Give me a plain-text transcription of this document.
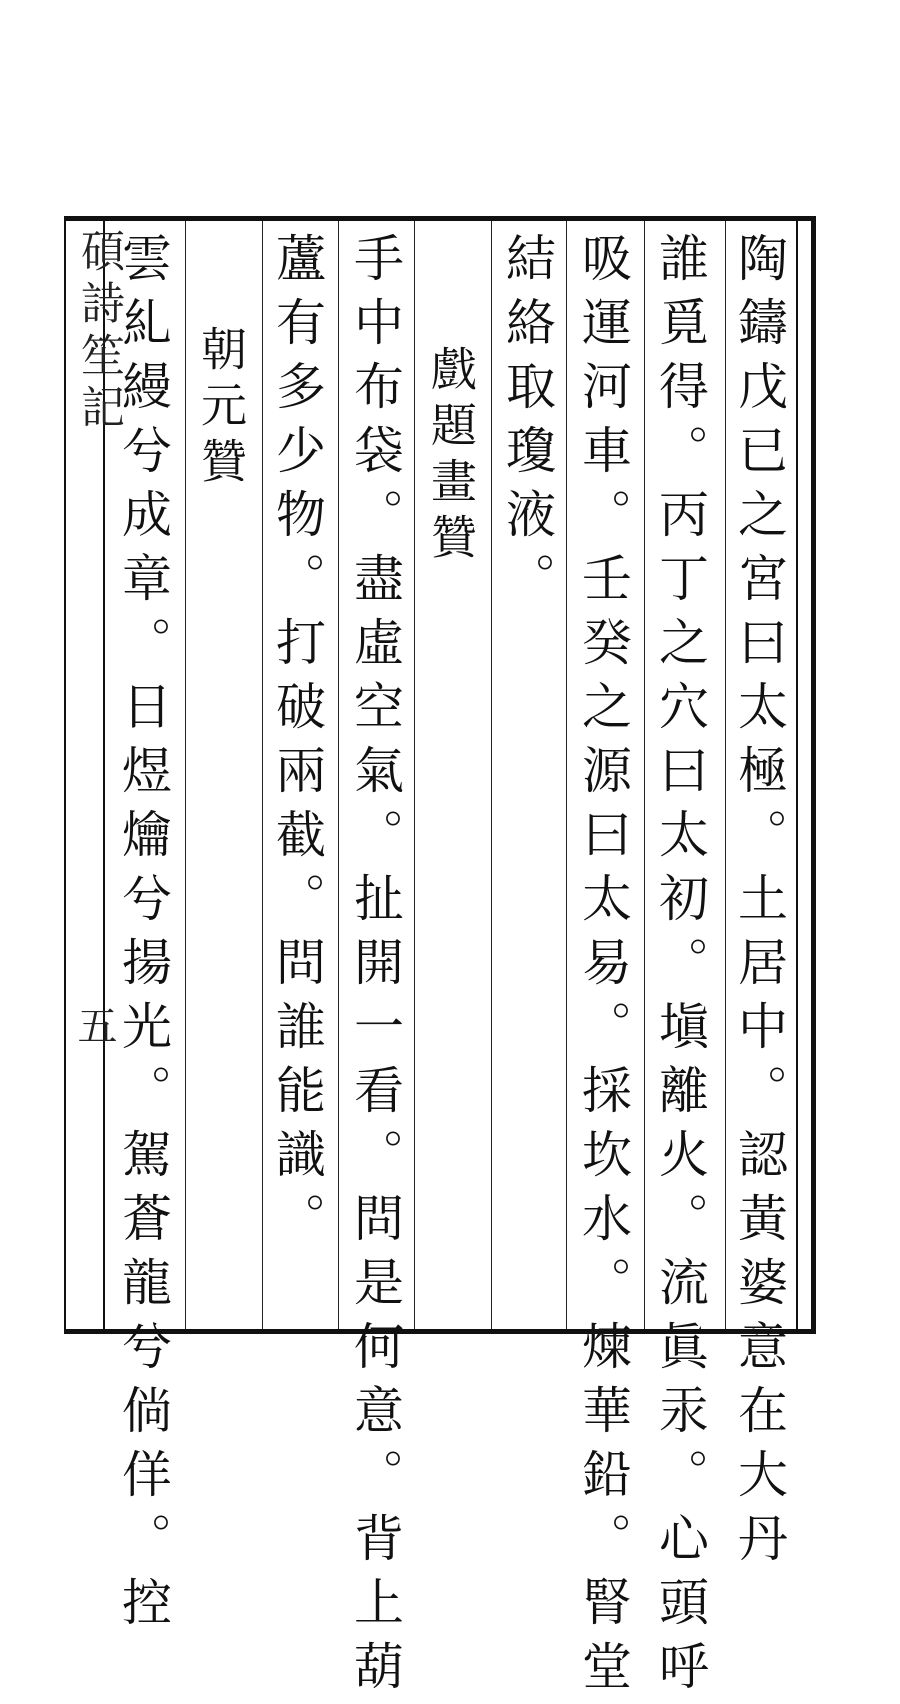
陶鑄戊已之宮曰太極。土居中。認黃婆意在大丹
誰覓得。丙丁之穴曰太初。塡離火。流眞汞。心頭呼
吸運河車。壬癸之源曰太易。採坎水。煉華鉛。腎堂
結絡取瓊液。
戲題畫贊
手中布袋。盡虛空氣。扯開一看。問是何意。背上葫
蘆有多少物。打破兩截。問誰能識。
朝元贊
雲糺縵兮成章。日煜爚兮揚光。駕蒼龍兮倘佯。控
碩詩笙記
五
